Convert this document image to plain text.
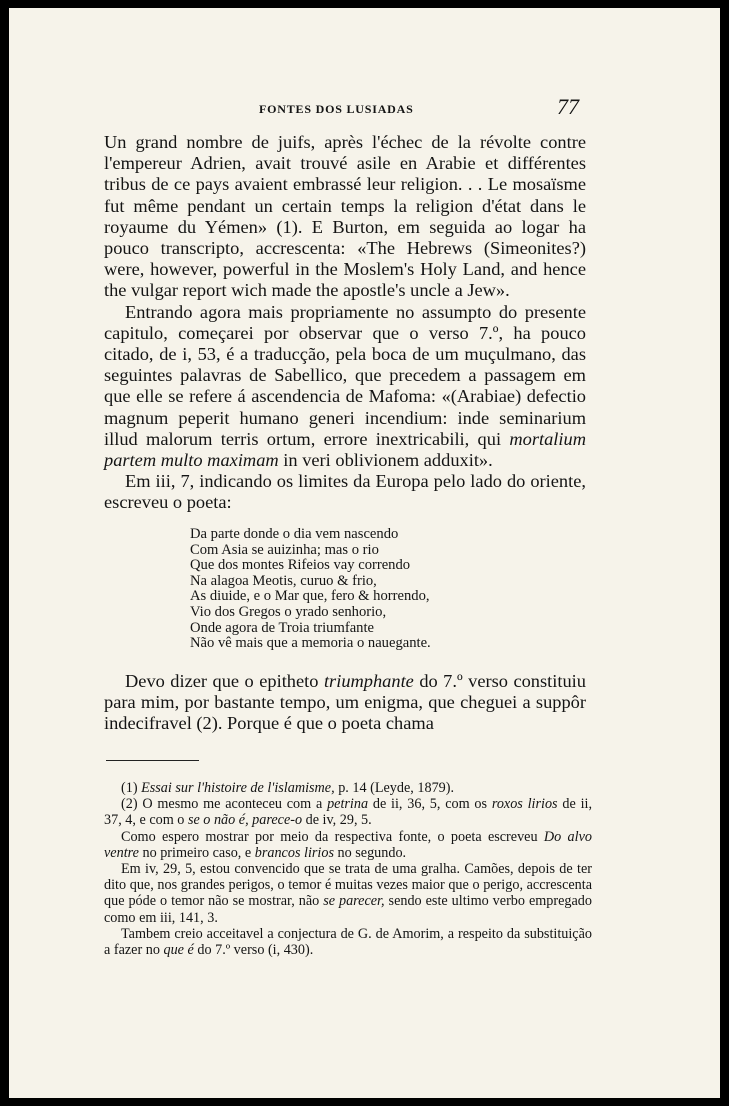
FONTES DOS LUSIADAS	77

Un grand nombre de juifs, après l'échec de la révolte contre l'empereur Adrien, avait trouvé asile en Arabie et différentes tribus de ce pays avaient embrassé leur religion. . . Le mosaïsme fut même pendant un certain temps la religion d'état dans le royaume du Yémen» (1). E Burton, em seguida ao logar ha pouco transcripto, accrescenta: «The Hebrews (Simeonites?) were, however, powerful in the Moslem's Holy Land, and hence the vulgar report wich made the apostle's uncle a Jew».

Entrando agora mais propriamente no assumpto do presente capitulo, começarei por observar que o verso 7.º, ha pouco citado, de i, 53, é a traducção, pela boca de um muçulmano, das seguintes palavras de Sabellico, que precedem a passagem em que elle se refere á ascendencia de Mafoma: «(Arabiae) defectio magnum peperit humano generi incendium: inde seminarium illud malorum terris ortum, errore inextricabili, qui mortalium partem multo maximam in veri oblivionem adduxit».

Em iii, 7, indicando os limites da Europa pelo lado do oriente, escreveu o poeta:

Da parte donde o dia vem nascendo
Com Asia se auizinha; mas o rio
Que dos montes Rifeios vay correndo
Na alagoa Meotis, curuo & frio,
As diuide, e o Mar que, fero & horrendo,
Vio dos Gregos o yrado senhorio,
Onde agora de Troia triumfante
Não vê mais que a memoria o nauegante.

Devo dizer que o epitheto triumphante do 7.º verso constituiu para mim, por bastante tempo, um enigma, que cheguei a suppôr indecifravel (2). Porque é que o poeta chama

(1) Essai sur l'histoire de l'islamisme, p. 14 (Leyde, 1879).

(2) O mesmo me aconteceu com a petrina de ii, 36, 5, com os roxos lirios de ii, 37, 4, e com o se o não é, parece-o de iv, 29, 5.

Como espero mostrar por meio da respectiva fonte, o poeta escreveu Do alvo ventre no primeiro caso, e brancos lirios no segundo.

Em iv, 29, 5, estou convencido que se trata de uma gralha. Camões, depois de ter dito que, nos grandes perigos, o temor é muitas vezes maior que o perigo, accrescenta que póde o temor não se mostrar, não se parecer, sendo este ultimo verbo empregado como em iii, 141, 3.

Tambem creio acceitavel a conjectura de G. de Amorim, a respeito da substituição a fazer no que é do 7.º verso (i, 430).
